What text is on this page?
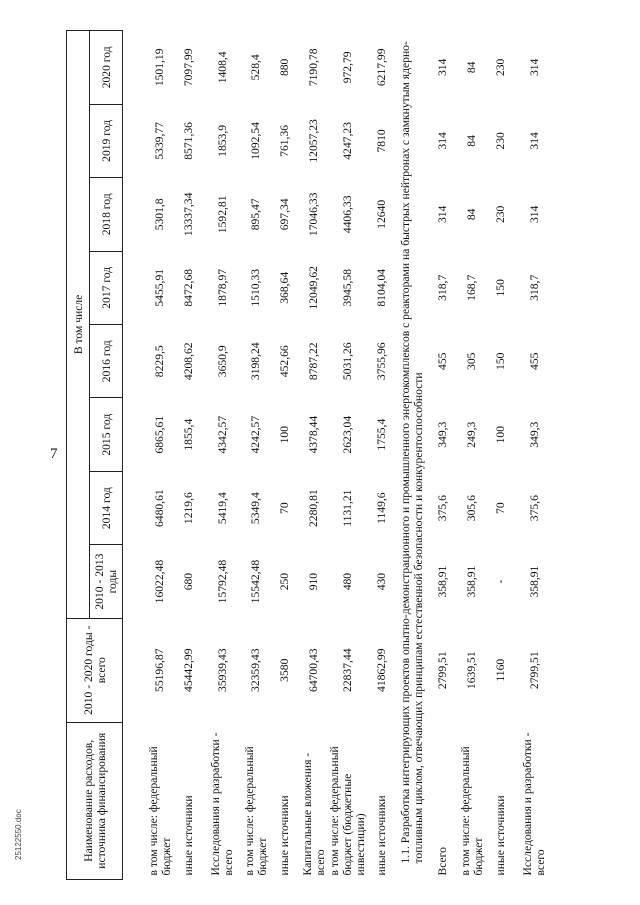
7
25122550.doc	Наименование расходов, источника финансирования	2010 - 2020 годы - всего	В том числе							
		2010 - 2013 годы	2014 год	2015 год	2016 год	2017 год	2018 год	2019 год	2020 год

в том числе: федеральный бюджет	55196,87	16022,48	6480,61	6865,61	8229,5	5455,91	5301,8	5339,77	1501,19
иные источники	45442,99	680	1219,6	1855,4	4208,62	8472,68	13337,34	8571,36	7097,99
Исследования и разработки - всего	35939,43	15792,48	5419,4	4342,57	3650,9	1878,97	1592,81	1853,9	1408,4
в том числе: федеральный бюджет	32359,43	15542,48	5349,4	4242,57	3198,24	1510,33	895,47	1092,54	528,4
иные источники	3580	250	70	100	452,66	368,64	697,34	761,36	880
Капитальные вложения - всего	64700,43	910	2280,81	4378,44	8787,22	12049,62	17046,33	12057,23	7190,78
в том числе: федеральный бюджет (бюджетные инвестиции)	22837,44	480	1131,21	2623,04	5031,26	3945,58	4406,33	4247,23	972,79
иные источники	41862,99	430	1149,6	1755,4	3755,96	8104,04	12640	7810	6217,99
1.1. Разработка интегрирующих проектов опытно-демонстрационного и промышленного энергокомплексов с реакторами на быстрых нейтронах с замкнутым ядерно-топливным циклом, отвечающих принципам естественной безопасности и конкурентоспособности									
Всего	2799,51	358,91	375,6	349,3	455	318,7	314	314	314
в том числе: федеральный бюджет	1639,51	358,91	305,6	249,3	305	168,7	84	84	84
иные источники	1160	-	70	100	150	150	230	230	230
Исследования и разработки - всего	2799,51	358,91	375,6	349,3	455	318,7	314	314	314
